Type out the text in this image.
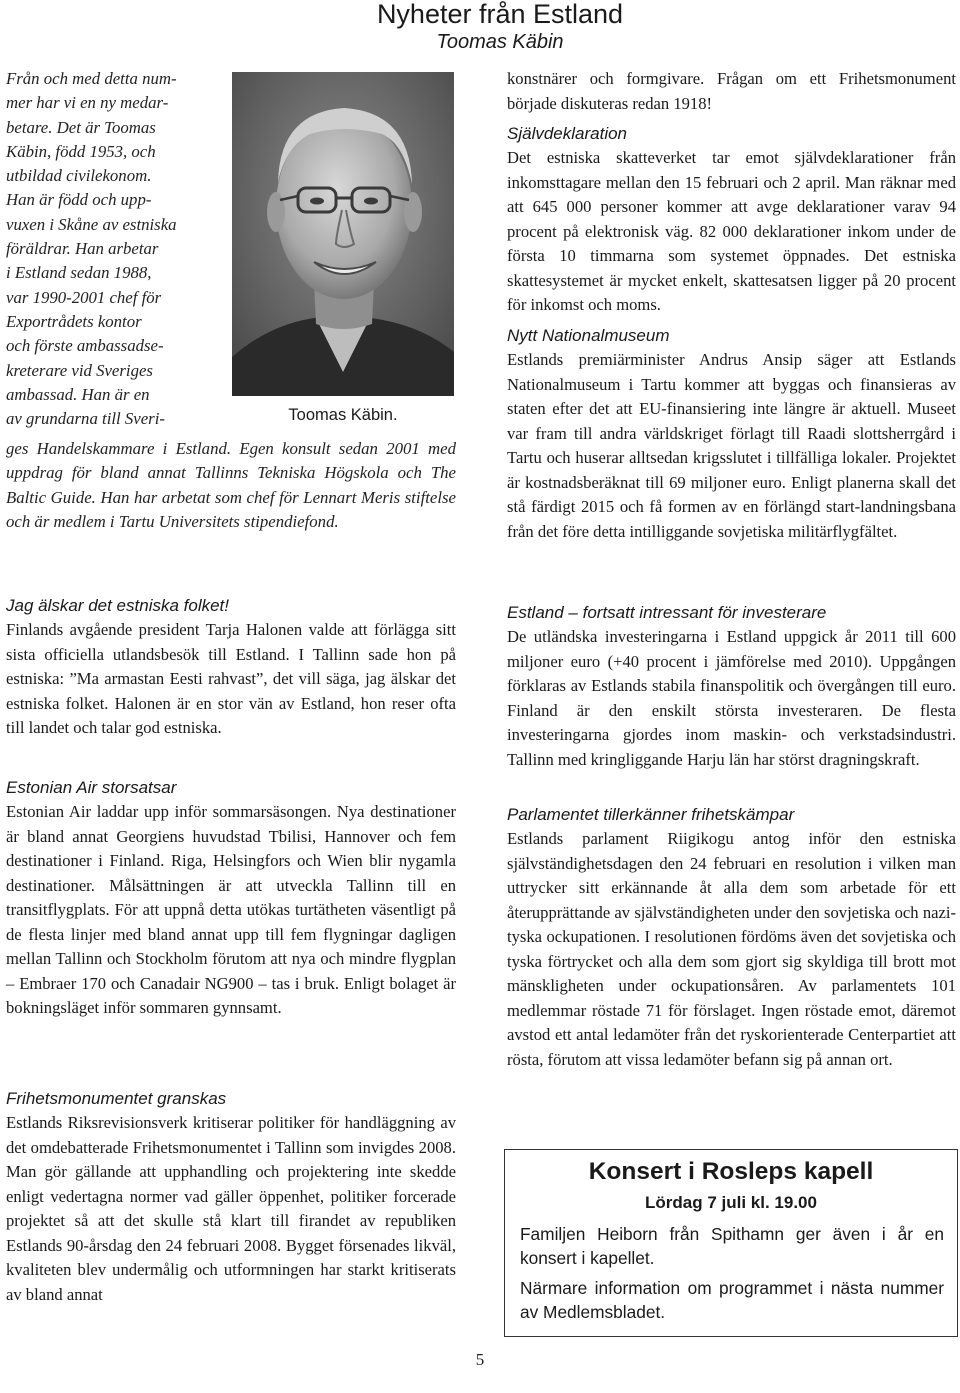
Nyheter från Estland
Toomas Käbin
Från och med detta num-
mer har vi en ny medar-
betare. Det är Toomas
Käbin, född 1953, och
utbildad civilekonom.
Han är född och upp-
vuxen i Skåne av estniska
föräldrar. Han arbetar
i Estland sedan 1988,
var 1990-2001 chef för
Exportrådets kontor
och förste ambassadse-
kreterare vid Sveriges
ambassad. Han är en
av grundarna till Sveri-
ges Handelskammare i Estland. Egen konsult sedan 2001 med uppdrag för bland annat Tallinns Tekniska Högskola och The Baltic Guide. Han har arbetat som chef för Lennart Meris stiftelse och är medlem i Tartu Universitets stipendiefond.
Toomas Käbin.
Jag älskar det estniska folket!
Finlands avgående president Tarja Halonen valde att förlägga sitt sista officiella utlandsbesök till Estland. I Tallinn sade hon på estniska: ”Ma armastan Eesti rahvast”, det vill säga, jag älskar det estniska folket. Halonen är en stor vän av Estland, hon reser ofta till landet och talar god estniska.
Estonian Air storsatsar
Estonian Air laddar upp inför sommarsäsongen. Nya destinationer är bland annat Georgiens huvudstad Tbilisi, Hannover och fem destinationer i Finland. Riga, Helsingfors och Wien blir nygamla destinationer. Målsättningen är att utveckla Tallinn till en transitflygplats. För att uppnå detta utökas turtätheten väsentligt på de flesta linjer med bland annat upp till fem flygningar dagligen mellan Tallinn och Stockholm förutom att nya och mindre flygplan – Embraer 170 och Canadair NG900 – tas i bruk. Enligt bolaget är bokningsläget inför sommaren gynnsamt.
Frihetsmonumentet granskas
Estlands Riksrevisionsverk kritiserar politiker för handläggning av det omdebatterade Frihetsmonumentet i Tallinn som invigdes 2008. Man gör gällande att upphandling och projektering inte skedde enligt vedertagna normer vad gäller öppenhet, politiker forcerade projektet så att det skulle stå klart till firandet av republiken Estlands 90-årsdag den 24 februari 2008. Bygget försenades likväl, kvaliteten blev undermålig och utformningen har starkt kritiserats av bland annat
konstnärer och formgivare. Frågan om ett Frihetsmonument började diskuteras redan 1918!
Självdeklaration
Det estniska skatteverket tar emot självdeklarationer från inkomsttagare mellan den 15 februari och 2 april. Man räknar med att 645 000 personer kommer att avge deklarationer varav 94 procent på elektronisk väg. 82 000 deklarationer inkom under de första 10 timmarna som systemet öppnades. Det estniska skattesystemet är mycket enkelt, skattesatsen ligger på 20 procent för inkomst och moms.
Nytt Nationalmuseum
Estlands premiärminister Andrus Ansip säger att Estlands Nationalmuseum i Tartu kommer att byggas och finansieras av staten efter det att EU-finansiering inte längre är aktuell. Museet var fram till andra världskriget förlagt till Raadi slottsherrgård i Tartu och huserar alltsedan krigsslutet i tillfälliga lokaler. Projektet är kostnadsberäknat till 69 miljoner euro. Enligt planerna skall det stå färdigt 2015 och få formen av en förlängd start-landningsbana från det före detta intilliggande sovjetiska militärflygfältet.
Estland – fortsatt intressant för investerare
De utländska investeringarna i Estland uppgick år 2011 till 600 miljoner euro (+40 procent i jämförelse med 2010). Uppgången förklaras av Estlands stabila finanspolitik och övergången till euro. Finland är den enskilt största investeraren. De flesta investeringarna gjordes inom maskin- och verkstadsindustri. Tallinn med kringliggande Harju län har störst dragningskraft.
Parlamentet tillerkänner frihetskämpar
Estlands parlament Riigikogu antog inför den estniska självständighetsdagen den 24 februari en resolution i vilken man uttrycker sitt erkännande åt alla dem som arbetade för ett återupprättande av självständigheten under den sovjetiska och nazi-tyska ockupationen. I resolutionen fördöms även det sovjetiska och tyska förtrycket och alla dem som gjort sig skyldiga till brott mot mänskligheten under ockupationsåren. Av parlamentets 101 medlemmar röstade 71 för förslaget. Ingen röstade emot, däremot avstod ett antal ledamöter från det ryskorienterade Centerpartiet att rösta, förutom att vissa ledamöter befann sig på annan ort.
Konsert i Rosleps kapell
Lördag 7 juli kl. 19.00
Familjen Heiborn från Spithamn ger även i år en konsert i kapellet.
Närmare information om programmet i nästa nummer av Medlemsbladet.
5
